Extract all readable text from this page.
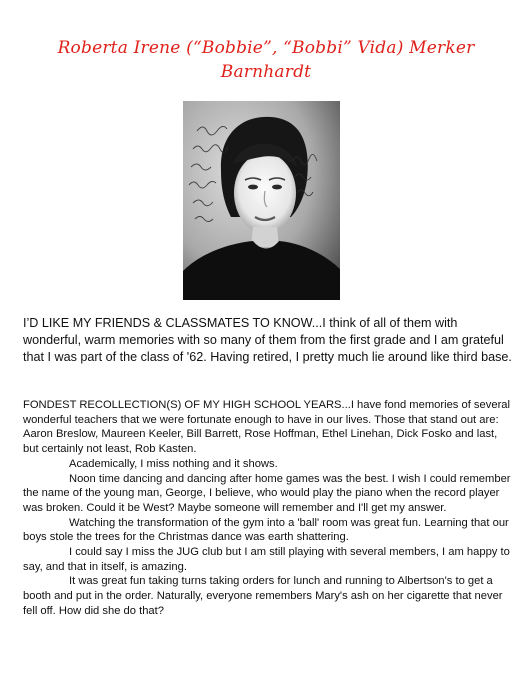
Roberta Irene (“Bobbie”, “Bobbi” Vida) Merker
Barnhardt

I’D LIKE MY FRIENDS & CLASSMATES TO KNOW...I think of all of them with wonderful, warm memories with so many of them from the first grade and I am grateful that I was part of the class of '62. Having retired, I pretty much lie around like third base.

FONDEST RECOLLECTION(S) OF MY HIGH SCHOOL YEARS...I have fond memories of several wonderful teachers that we were fortunate enough to have in our lives. Those that stand out are: Aaron Breslow, Maureen Keeler, Bill Barrett, Rose Hoffman, Ethel Linehan, Dick Fosko and last, but certainly not least, Rob Kasten.

Academically, I miss nothing and it shows.

Noon time dancing and dancing after home games was the best. I wish I could remember the name of the young man, George, I believe, who would play the piano when the record player was broken. Could it be West? Maybe someone will remember and I'll get my answer.

Watching the transformation of the gym into a 'ball' room was great fun. Learning that our boys stole the trees for the Christmas dance was earth shattering.

I could say I miss the JUG club but I am still playing with several members, I am happy to say, and that in itself, is amazing.

It was great fun taking turns taking orders for lunch and running to Albertson's to get a booth and put in the order. Naturally, everyone remembers Mary's ash on her cigarette that never fell off. How did she do that?
